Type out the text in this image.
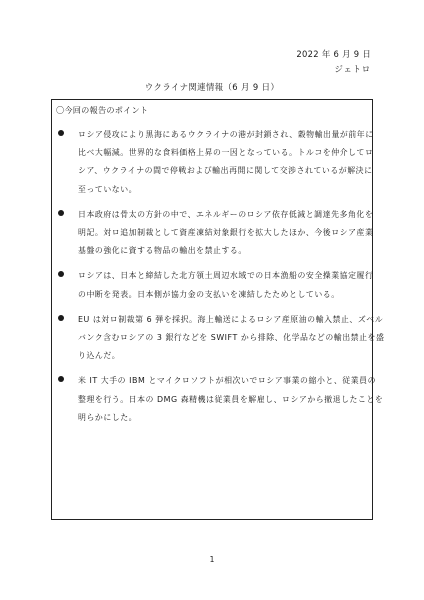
2022 年 6 月 9 日
ジェトロ
ウクライナ関連情報（6 月 9 日）
〇今回の報告のポイント
ロシア侵攻により黒海にあるウクライナの港が封鎖され、穀物輸出量が前年に
比べ大幅減。世界的な食料価格上昇の一因となっている。トルコを仲介してロ
シア、ウクライナの間で停戦および輸出再開に関して交渉されているが解決に
至っていない。
日本政府は骨太の方針の中で、エネルギーのロシア依存低減と調達先多角化を
明記。対ロ追加制裁として資産凍結対象銀行を拡大したほか、今後ロシア産業
基盤の強化に資する物品の輸出を禁止する。
ロシアは、日本と締結した北方領土周辺水域での日本漁船の安全操業協定履行
の中断を発表。日本側が協力金の支払いを凍結したためとしている。
EU は対ロ制裁第 6 弾を採択。海上輸送によるロシア産原油の輸入禁止、ズベル
バンク含むロシアの 3 銀行などを SWIFT から排除、化学品などの輸出禁止を盛
り込んだ。
米 IT 大手の IBM とマイクロソフトが相次いでロシア事業の縮小と、従業員の
整理を行う。日本の DMG 森精機は従業員を解雇し、ロシアから撤退したことを
明らかにした。
1
